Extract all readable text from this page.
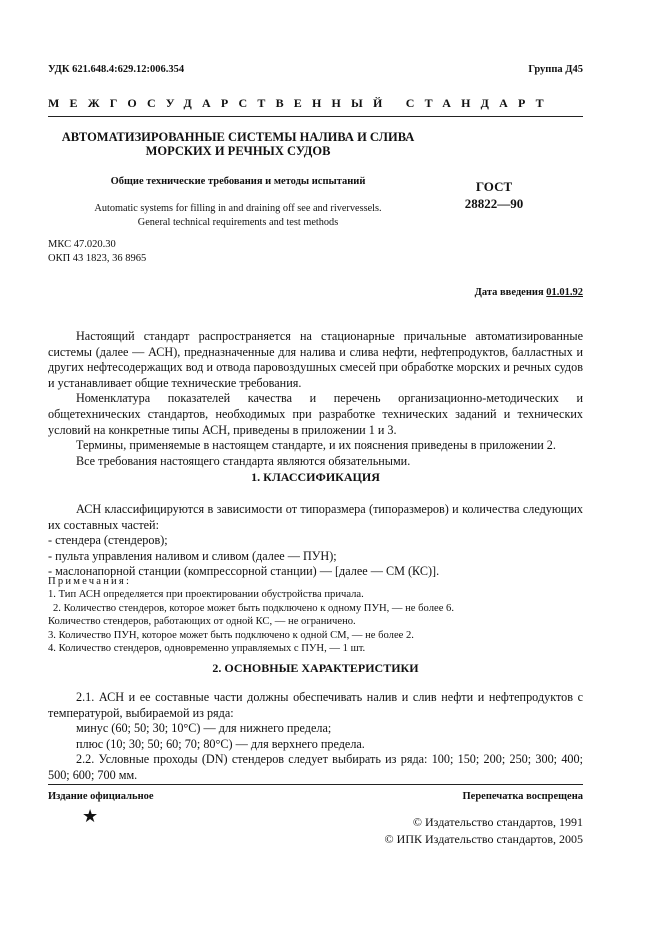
УДК 621.648.4:629.12:006.354	Группа Д45
МЕЖГОСУДАРСТВЕННЫЙ СТАНДАРТ
АВТОМАТИЗИРОВАННЫЕ СИСТЕМЫ НАЛИВА И СЛИВА
МОРСКИХ И РЕЧНЫХ СУДОВ
Общие технические требования и методы испытаний
Automatic systems for filling in and draining off see and rivervessels.
General technical requirements and test methods
ГОСТ
28822—90
МКС 47.020.30
ОКП 43 1823, 36 8965
Дата введения 01.01.92

Настоящий стандарт распространяется на стационарные причальные автоматизированные системы (далее — АСН), предназначенные для налива и слива нефти, нефтепродуктов, балластных и других нефтесодержащих вод и отвода паровоздушных смесей при обработке морских и речных судов и устанавливает общие технические требования.

Номенклатура показателей качества и перечень организационно-методических и общетехнических стандартов, необходимых при разработке технических заданий и технических условий на конкретные типы АСН, приведены в приложении 1 и 3.

Термины, применяемые в настоящем стандарте, и их пояснения приведены в приложении 2.

Все требования настоящего стандарта являются обязательными.

1. КЛАССИФИКАЦИЯ

АСН классифицируются в зависимости от типоразмера (типоразмеров) и количества следующих их составных частей:

- стендера (стендеров);

- пульта управления наливом и сливом (далее — ПУН);

- маслонапорной станции (компрессорной станции) — [далее — СМ (КС)].

Примечания:

1. Тип АСН определяется при проектировании обустройства причала.

2. Количество стендеров, которое может быть подключено к одному ПУН, — не более 6.

Количество стендеров, работающих от одной КС, — не ограничено.

3. Количество ПУН, которое может быть подключено к одной СМ, — не более 2.

4. Количество стендеров, одновременно управляемых с ПУН, — 1 шт.

2. ОСНОВНЫЕ ХАРАКТЕРИСТИКИ

2.1. АСН и ее составные части должны обеспечивать налив и слив нефти и нефтепродуктов с температурой, выбираемой из ряда:

минус (60; 50; 30; 10°С) — для нижнего предела;

плюс (10; 30; 50; 60; 70; 80°С) — для верхнего предела.

2.2. Условные проходы (DN) стендеров следует выбирать из ряда: 100; 150; 200; 250; 300; 400; 500; 600; 700 мм.

Издание официальное	Перепечатка воспрещена
★	© Издательство стандартов, 1991
© ИПК Издательство стандартов, 2005
